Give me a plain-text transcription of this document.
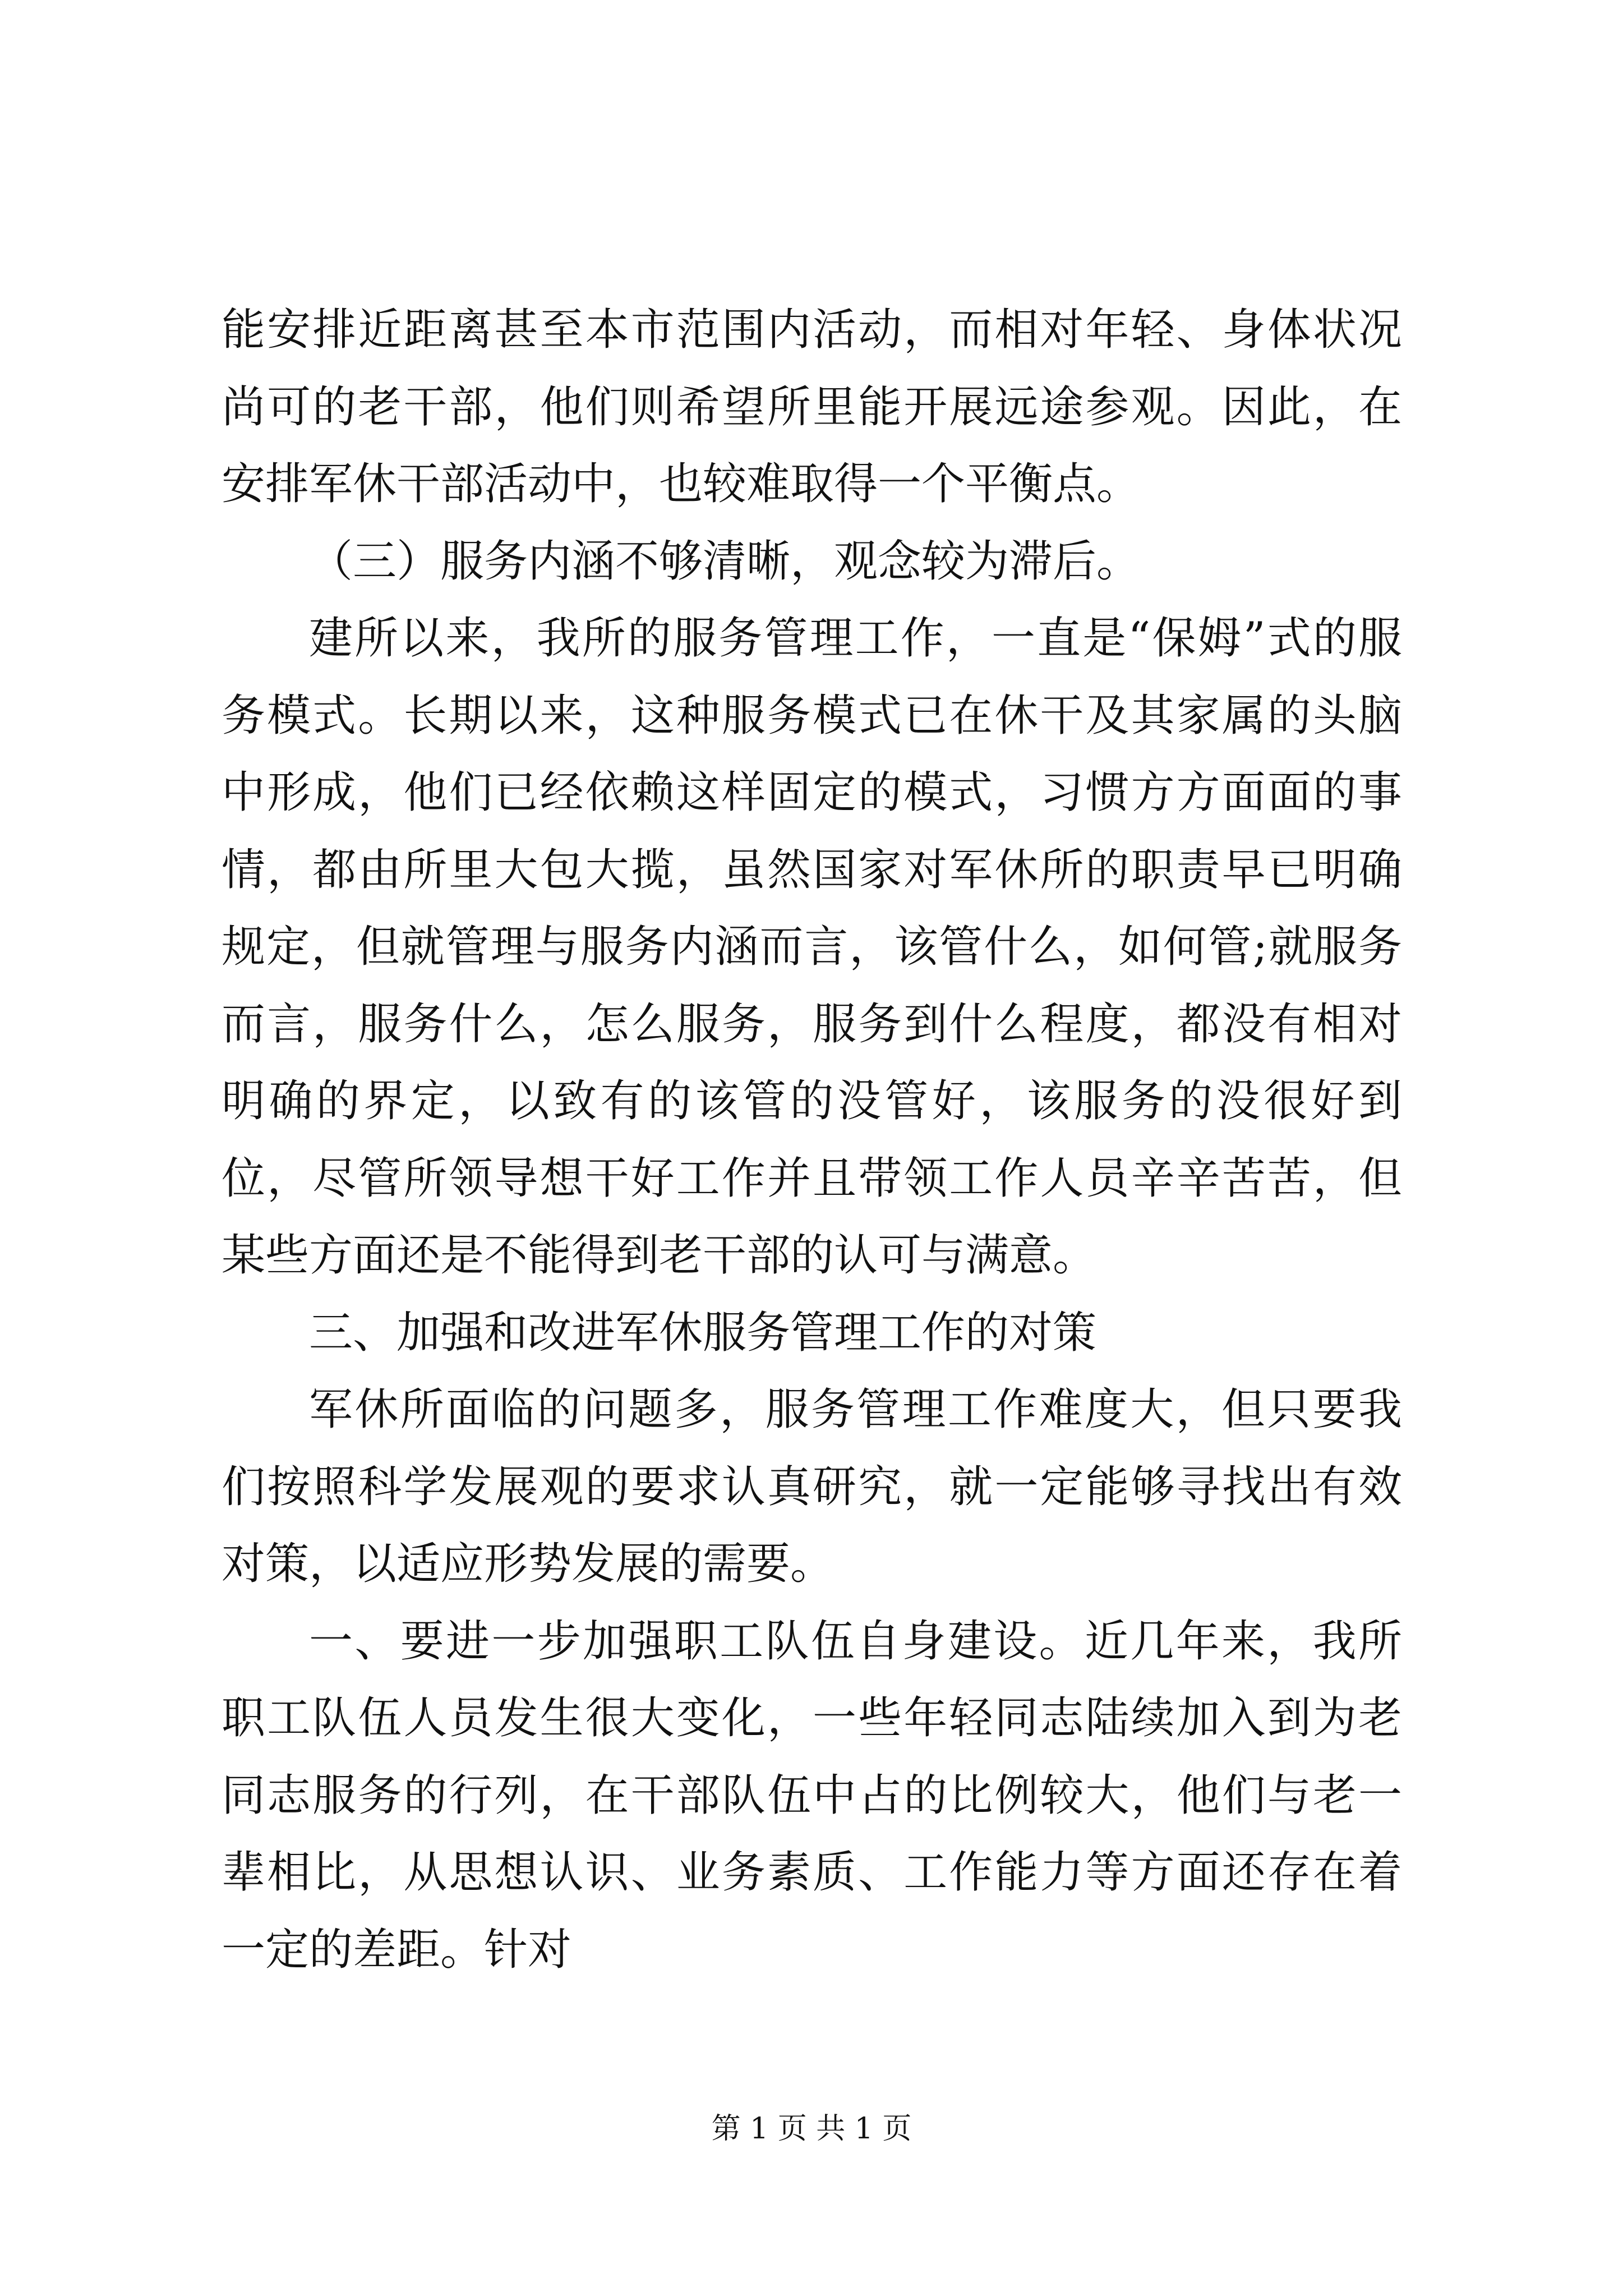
能安排近距离甚至本市范围内活动，而相对年轻、身体状况尚可的老干部，他们则希望所里能开展远途参观。因此，在安排军休干部活动中，也较难取得一个平衡点。

（三）服务内涵不够清晰，观念较为滞后。

建所以来，我所的服务管理工作，一直是“保姆”式的服务模式。长期以来，这种服务模式已在休干及其家属的头脑中形成，他们已经依赖这样固定的模式，习惯方方面面的事情，都由所里大包大揽，虽然国家对军休所的职责早已明确规定，但就管理与服务内涵而言，该管什么，如何管;就服务而言，服务什么，怎么服务，服务到什么程度，都没有相对明确的界定，以致有的该管的没管好，该服务的没很好到位，尽管所领导想干好工作并且带领工作人员辛辛苦苦，但某些方面还是不能得到老干部的认可与满意。

三、加强和改进军休服务管理工作的对策

军休所面临的问题多，服务管理工作难度大，但只要我们按照科学发展观的要求认真研究，就一定能够寻找出有效对策，以适应形势发展的需要。

一、要进一步加强职工队伍自身建设。近几年来，我所职工队伍人员发生很大变化，一些年轻同志陆续加入到为老同志服务的行列，在干部队伍中占的比例较大，他们与老一辈相比，从思想认识、业务素质、工作能力等方面还存在着一定的差距。针对

第 1 页 共 1 页
